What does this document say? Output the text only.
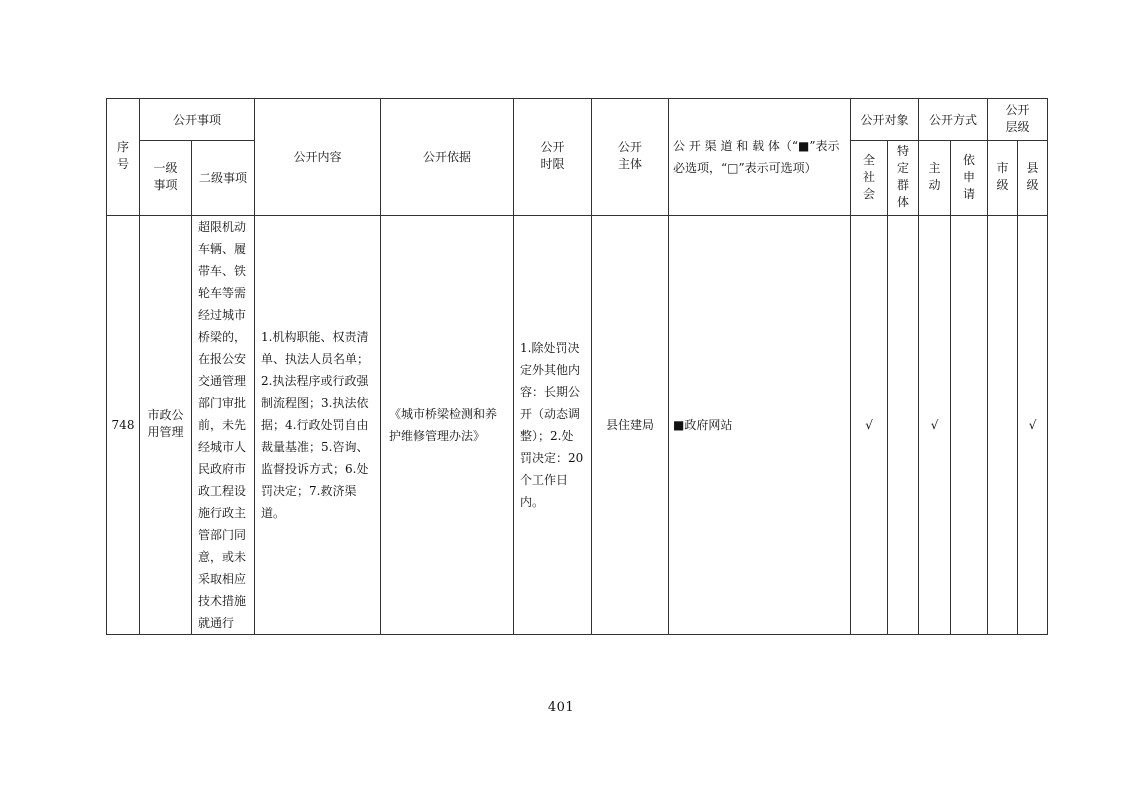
序号	公开事项		公开内容	公开依据	公开时限	公开主体	公 开 渠 道 和 载 体（“■”表示必选项，“□”表示可选项）	公开对象		公开方式		公开层级	
	一级事项	二级事项						全社会	特定群体	主动	依申请	市级	县级
748	市政公用管理	超限机动车辆、履带车、铁轮车等需经过城市桥梁的，在报公安交通管理部门审批前，未先经城市人民政府市政工程设施行政主管部门同意，或未采取相应技术措施就通行	1.机构职能、权责清单、执法人员名单；2.执法程序或行政强制流程图；3.执法依据；4.行政处罚自由裁量基准；5.咨询、监督投诉方式；6.处罚决定；7.救济渠道。	《城市桥梁检测和养护维修管理办法》	1.除处罚决定外其他内容：长期公开（动态调整）；2.处罚决定：20个工作日内。	县住建局	■政府网站	√		√			√
401
